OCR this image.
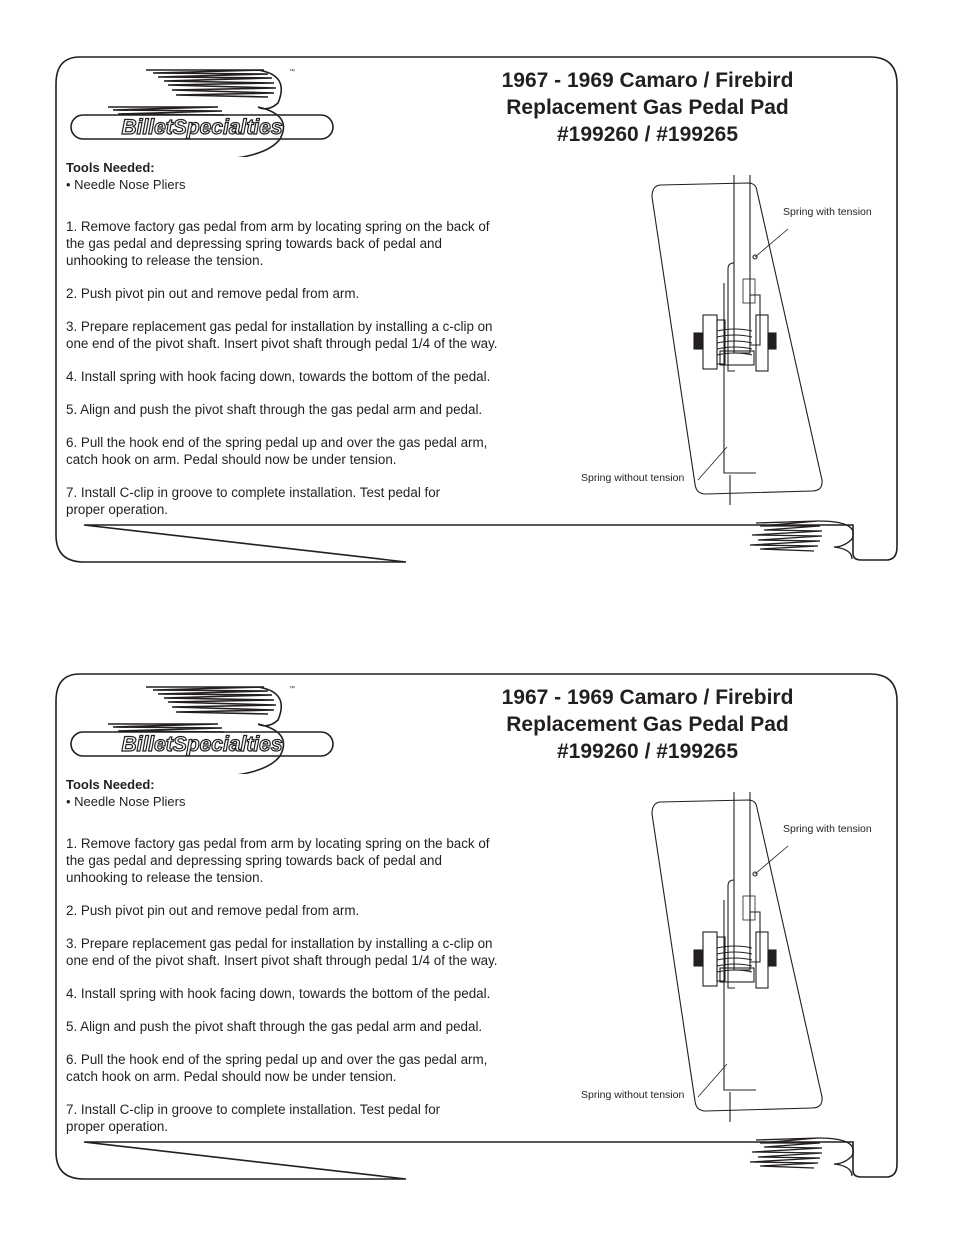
BilletSpecialties
™	1967 - 1969 Camaro / Firebird
Replacement Gas Pedal Pad
#199260 / #199265
Tools Needed:
• Needle Nose Pliers
1. Remove factory gas pedal from arm by locating spring on the back of
the gas pedal and depressing spring towards back of pedal and
unhooking to release the tension.
2. Push pivot pin out and remove pedal from arm.
3. Prepare replacement gas pedal for installation by installing a c-clip on
one end of the pivot shaft. Insert pivot shaft through pedal 1/4 of the way.
4. Install spring with hook facing down, towards the bottom of the pedal.
5. Align and push the pivot shaft through the gas pedal arm and pedal.
6. Pull the hook end of the spring pedal up and over the gas pedal arm,
catch hook on arm. Pedal should now be under tension.
7. Install C-clip in groove to complete installation. Test pedal for
proper operation.
Spring with tension
Spring without tension
BilletSpecialties
™	1967 - 1969 Camaro / Firebird
Replacement Gas Pedal Pad
#199260 / #199265
Tools Needed:
• Needle Nose Pliers
1. Remove factory gas pedal from arm by locating spring on the back of
the gas pedal and depressing spring towards back of pedal and
unhooking to release the tension.
2. Push pivot pin out and remove pedal from arm.
3. Prepare replacement gas pedal for installation by installing a c-clip on
one end of the pivot shaft. Insert pivot shaft through pedal 1/4 of the way.
4. Install spring with hook facing down, towards the bottom of the pedal.
5. Align and push the pivot shaft through the gas pedal arm and pedal.
6. Pull the hook end of the spring pedal up and over the gas pedal arm,
catch hook on arm. Pedal should now be under tension.
7. Install C-clip in groove to complete installation. Test pedal for
proper operation.
Spring with tension
Spring without tension
